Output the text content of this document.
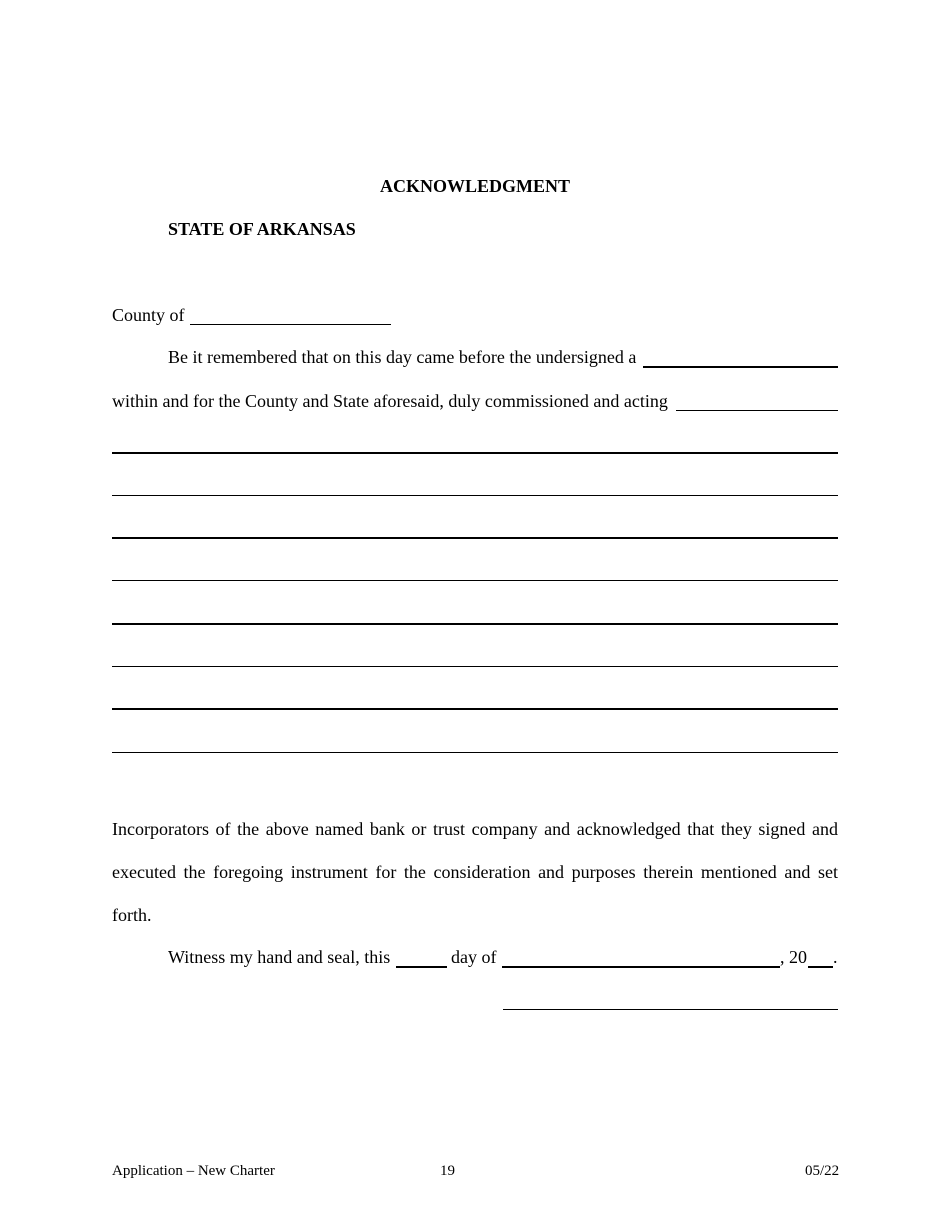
ACKNOWLEDGMENT
STATE OF ARKANSAS
County of
Be it remembered that on this day came before the undersigned a
within and for the County and State aforesaid, duly commissioned and acting
Incorporators of the above named bank or trust company and acknowledged that they signed and executed the foregoing instrument for the consideration and purposes therein mentioned and set forth.
Witness my hand and seal, this	day of	, 20 .
Application – New Charter	19	05/22
